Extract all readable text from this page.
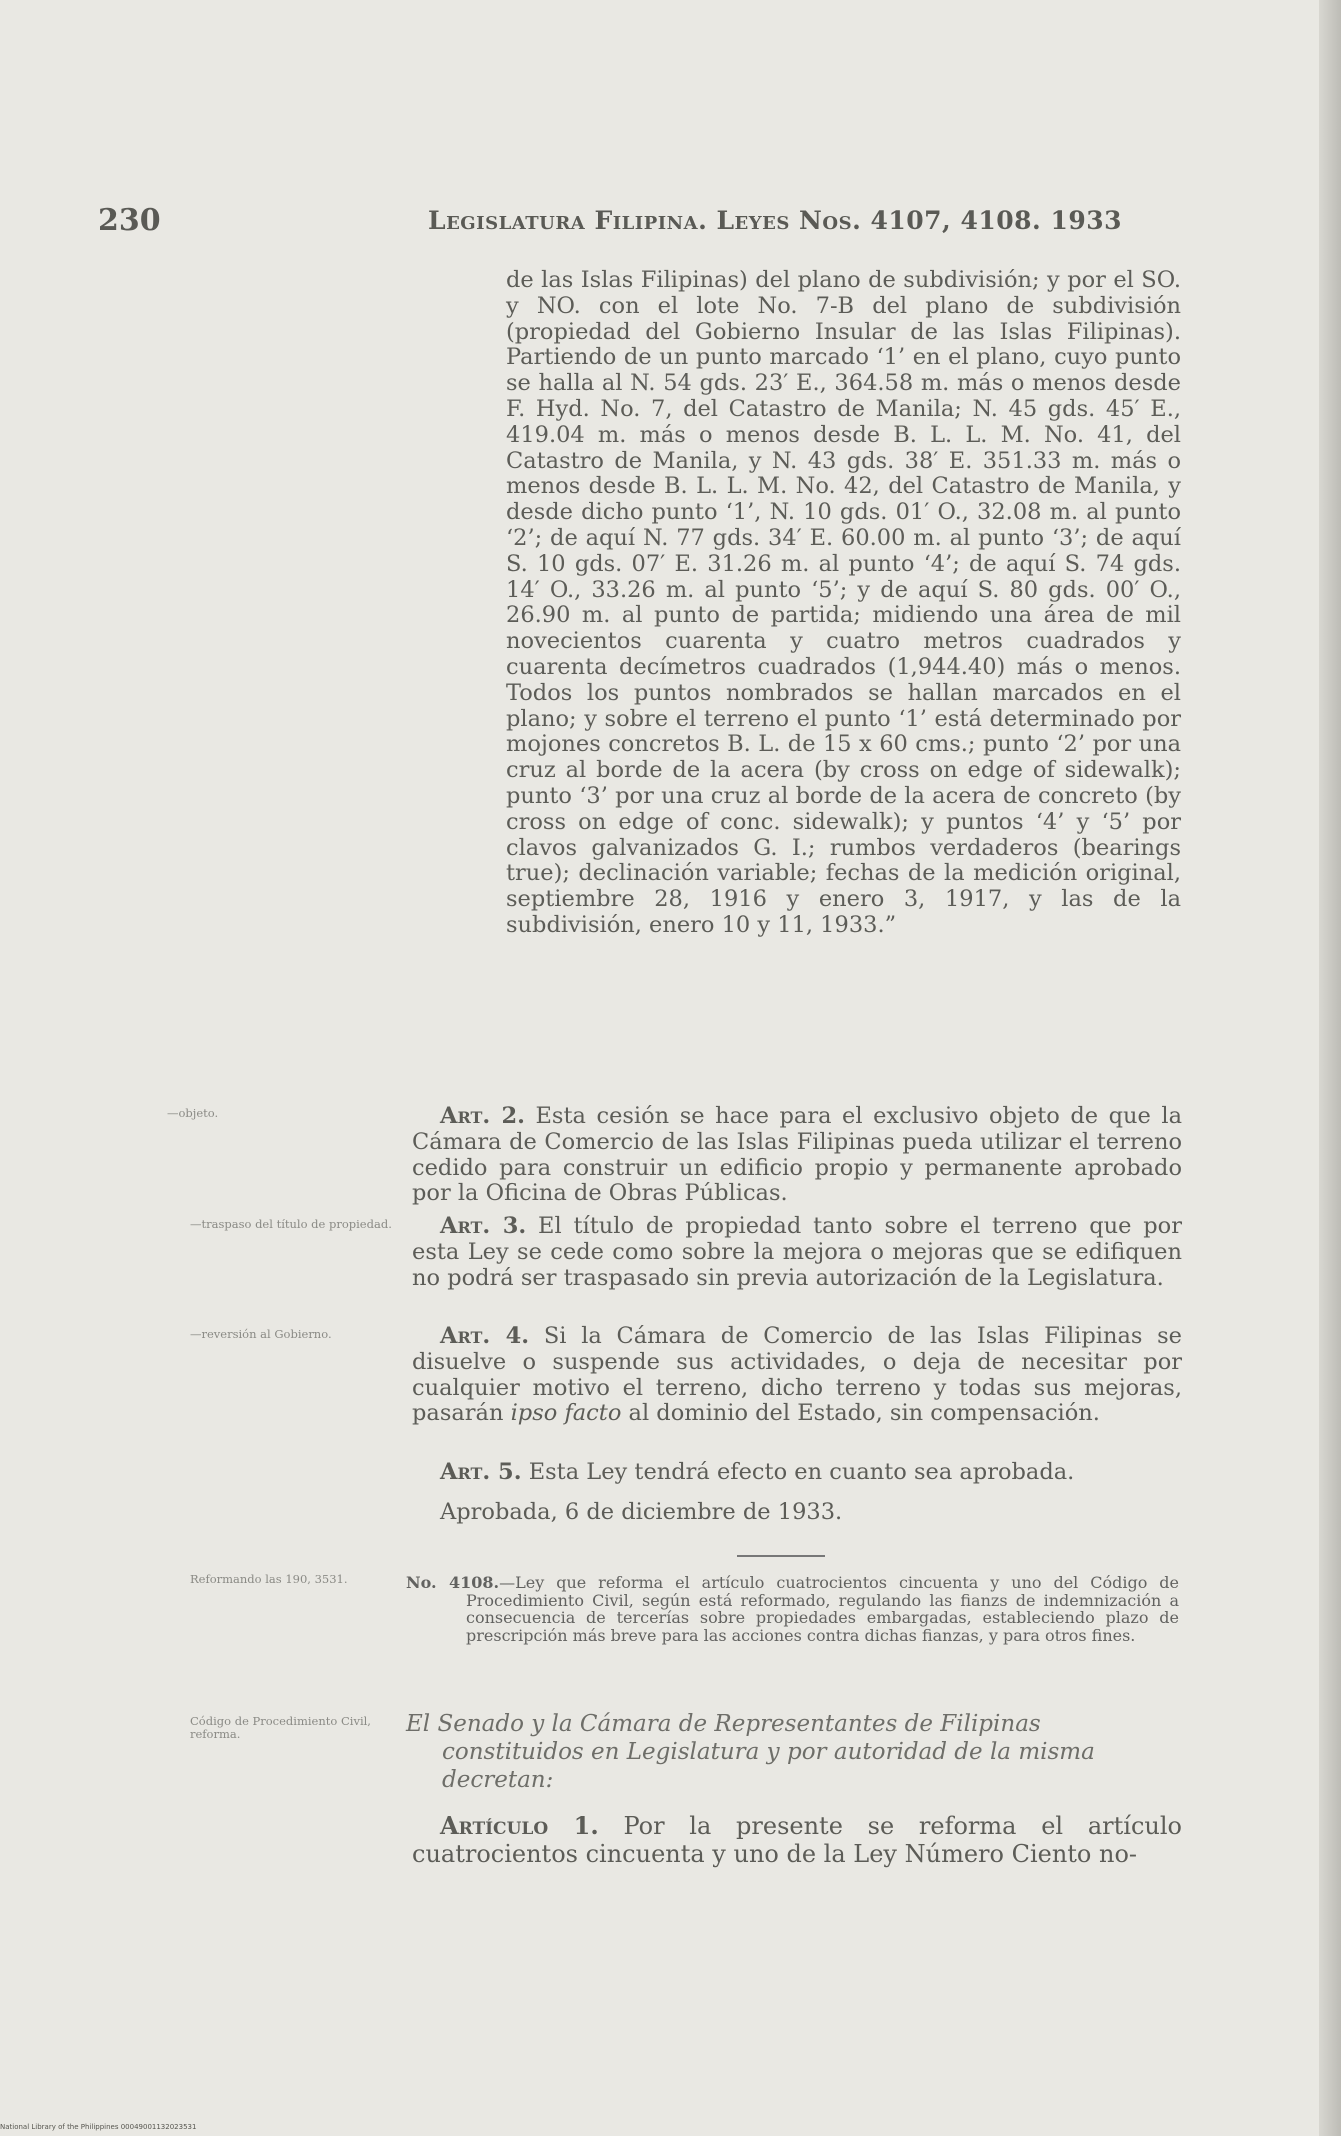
230	Legislatura Filipina. Leyes Nos. 4107, 4108. 1933
de las Islas Filipinas) del plano de subdivisión; y por el SO. y NO. con el lote No. 7-B del plano de subdivisión (propiedad del Gobierno Insular de las Islas Filipinas). Partiendo de un punto marcado ‘1’ en el plano, cuyo punto se halla al N. 54 gds. 23′ E., 364.58 m. más o menos desde F. Hyd. No. 7, del Catastro de Manila; N. 45 gds. 45′ E., 419.04 m. más o menos desde B. L. L. M. No. 41, del Catastro de Manila, y N. 43 gds. 38′ E. 351.33 m. más o menos desde B. L. L. M. No. 42, del Catastro de Manila, y desde dicho punto ‘1’, N. 10 gds. 01′ O., 32.08 m. al punto ‘2’; de aquí N. 77 gds. 34′ E. 60.00 m. al punto ‘3’; de aquí S. 10 gds. 07′ E. 31.26 m. al punto ‘4’; de aquí S. 74 gds. 14′ O., 33.26 m. al punto ‘5’; y de aquí S. 80 gds. 00′ O., 26.90 m. al punto de partida; midiendo una área de mil novecientos cuarenta y cuatro metros cuadrados y cuarenta decímetros cuadrados (1,944.40) más o menos. Todos los puntos nombrados se hallan marcados en el plano; y sobre el terreno el punto ‘1’ está determinado por mojones concretos B. L. de 15 x 60 cms.; punto ‘2’ por una cruz al borde de la acera (by cross on edge of sidewalk); punto ‘3’ por una cruz al borde de la acera de concreto (by cross on edge of conc. sidewalk); y puntos ‘4’ y ‘5’ por clavos galvanizados G. I.; rumbos verdaderos (bearings true); declinación variable; fechas de la medición original, septiembre 28, 1916 y enero 3, 1917, y las de la subdivisión, enero 10 y 11, 1933.”
—objeto.	Art. 2. Esta cesión se hace para el exclusivo objeto de que la Cámara de Comercio de las Islas Filipinas pueda utilizar el terreno cedido para construir un edificio propio y permanente aprobado por la Oficina de Obras Públicas.
—traspaso del título de propiedad.	Art. 3. El título de propiedad tanto sobre el terreno que por esta Ley se cede como sobre la mejora o mejoras que se edifiquen no podrá ser traspasado sin previa autorización de la Legislatura.
—reversión al Gobierno.	Art. 4. Si la Cámara de Comercio de las Islas Filipinas se disuelve o suspende sus actividades, o deja de necesitar por cualquier motivo el terreno, dicho terreno y todas sus mejoras, pasarán ipso facto al dominio del Estado, sin compensación.
Art. 5. Esta Ley tendrá efecto en cuanto sea aprobada.
Aprobada, 6 de diciembre de 1933.
Reformando las 190, 3531.	No. 4108.—Ley que reforma el artículo cuatrocientos cincuenta y uno del Código de Procedimiento Civil, según está reformado, regulando las fianzs de indemnización a consecuencia de tercerías sobre propiedades embargadas, estableciendo plazo de prescripción más breve para las acciones contra dichas fianzas, y para otros fines.
Código de Procedimiento Civil, reforma.	El Senado y la Cámara de Representantes de Filipinas constituidos en Legislatura y por autoridad de la misma decretan:
Artículo 1. Por la presente se reforma el artículo cuatrocientos cincuenta y uno de la Ley Número Ciento no-
National Library of the Philippines 00049001132023531
